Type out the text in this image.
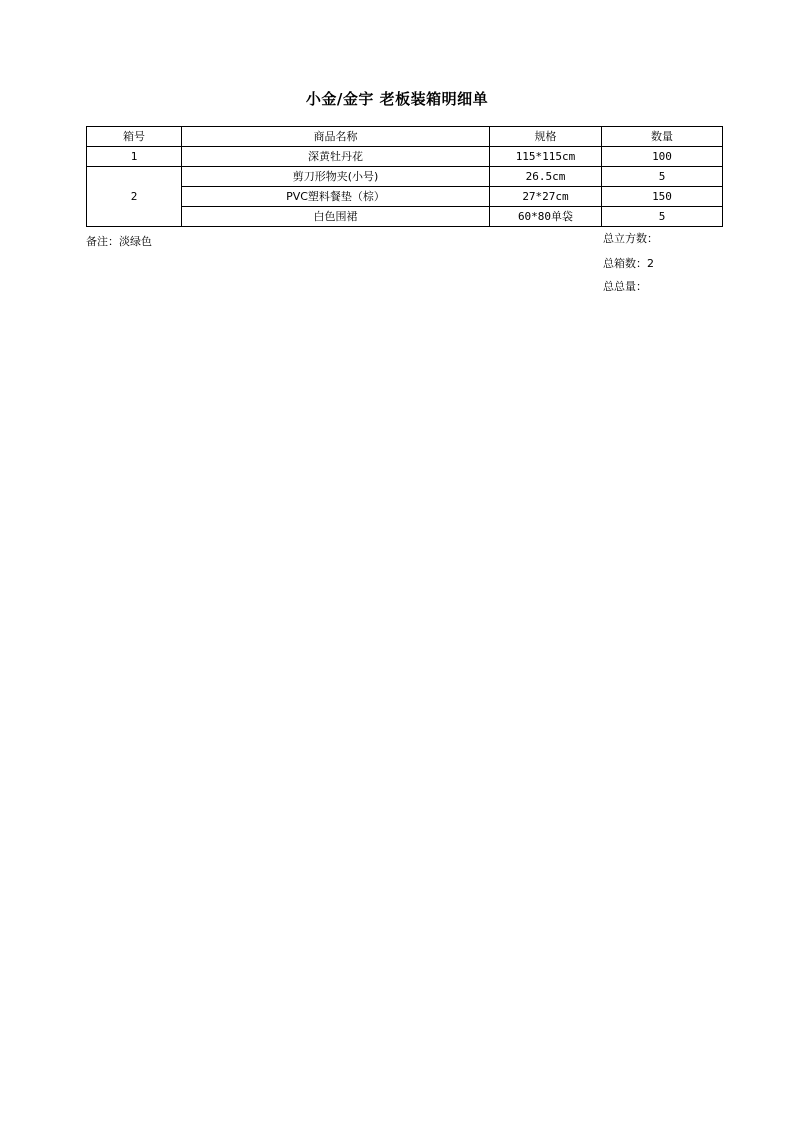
小金/金宇 老板装箱明细单
箱号	商品名称	规格	数量
1	深黄牡丹花	115*115cm	100
2	剪刀形物夹(小号)	26.5cm	5
	PVC塑料餐垫（棕）	27*27cm	150
	白色围裙	60*80单袋	5
备注：淡绿色	总立方数：
总箱数：2
总总量：
